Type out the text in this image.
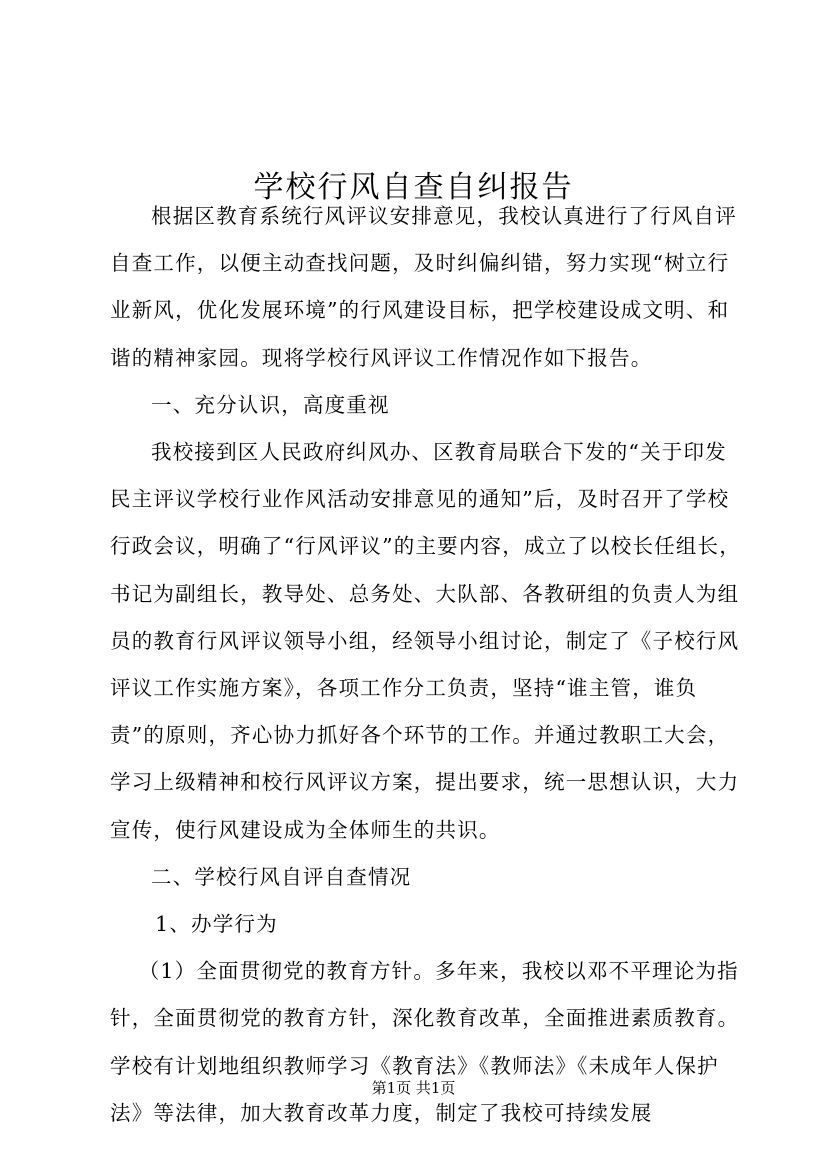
学校行风自查自纠报告

根据区教育系统行风评议安排意见，我校认真进行了行风自评自查工作，以便主动查找问题，及时纠偏纠错，努力实现“树立行业新风，优化发展环境”的行风建设目标，把学校建设成文明、和谐的精神家园。现将学校行风评议工作情况作如下报告。

一、充分认识，高度重视

我校接到区人民政府纠风办、区教育局联合下发的“关于印发民主评议学校行业作风活动安排意见的通知”后，及时召开了学校行政会议，明确了“行风评议”的主要内容，成立了以校长任组长，书记为副组长，教导处、总务处、大队部、各教研组的负责人为组员的教育行风评议领导小组，经领导小组讨论，制定了《子校行风评议工作实施方案》，各项工作分工负责，坚持“谁主管，谁负责”的原则，齐心协力抓好各个环节的工作。并通过教职工大会，学习上级精神和校行风评议方案，提出要求，统一思想认识，大力宣传，使行风建设成为全体师生的共识。

二、学校行风自评自查情况

1、办学行为

（1）全面贯彻党的教育方针。多年来，我校以邓不平理论为指针，全面贯彻党的教育方针，深化教育改革，全面推进素质教育。学校有计划地组织教师学习《教育法》《教师法》《未成年人保护法》等法律，加大教育改革力度，制定了我校可持续发展

第1页 共1页
